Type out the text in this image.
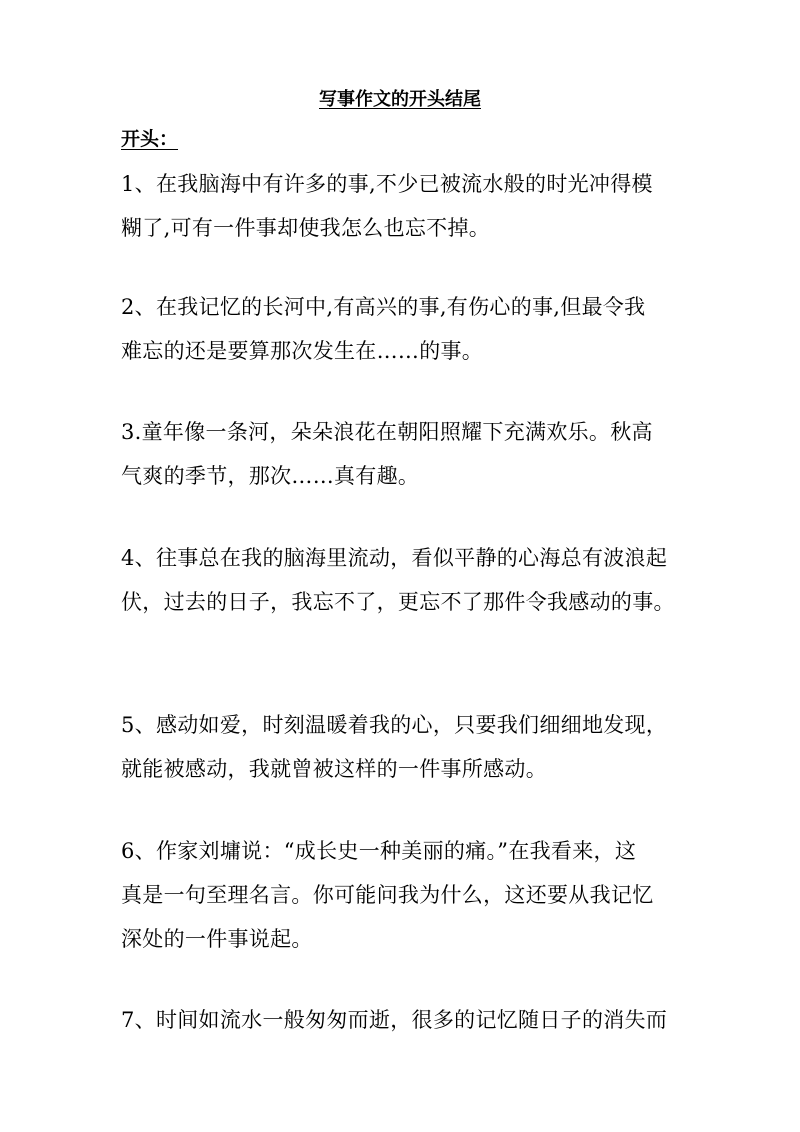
写事作文的开头结尾
开头：
1、在我脑海中有许多的事,不少已被流水般的时光冲得模
糊了,可有一件事却使我怎么也忘不掉。
2、在我记忆的长河中,有高兴的事,有伤心的事,但最令我
难忘的还是要算那次发生在……的事。
3.童年像一条河，朵朵浪花在朝阳照耀下充满欢乐。秋高
气爽的季节，那次……真有趣。
4、往事总在我的脑海里流动，看似平静的心海总有波浪起
伏，过去的日子，我忘不了，更忘不了那件令我感动的事。
5、感动如爱，时刻温暖着我的心，只要我们细细地发现，
就能被感动，我就曾被这样的一件事所感动。
6、作家刘墉说：“成长史一种美丽的痛。”在我看来，这
真是一句至理名言。你可能问我为什么，这还要从我记忆
深处的一件事说起。
7、时间如流水一般匆匆而逝，很多的记忆随日子的消失而
